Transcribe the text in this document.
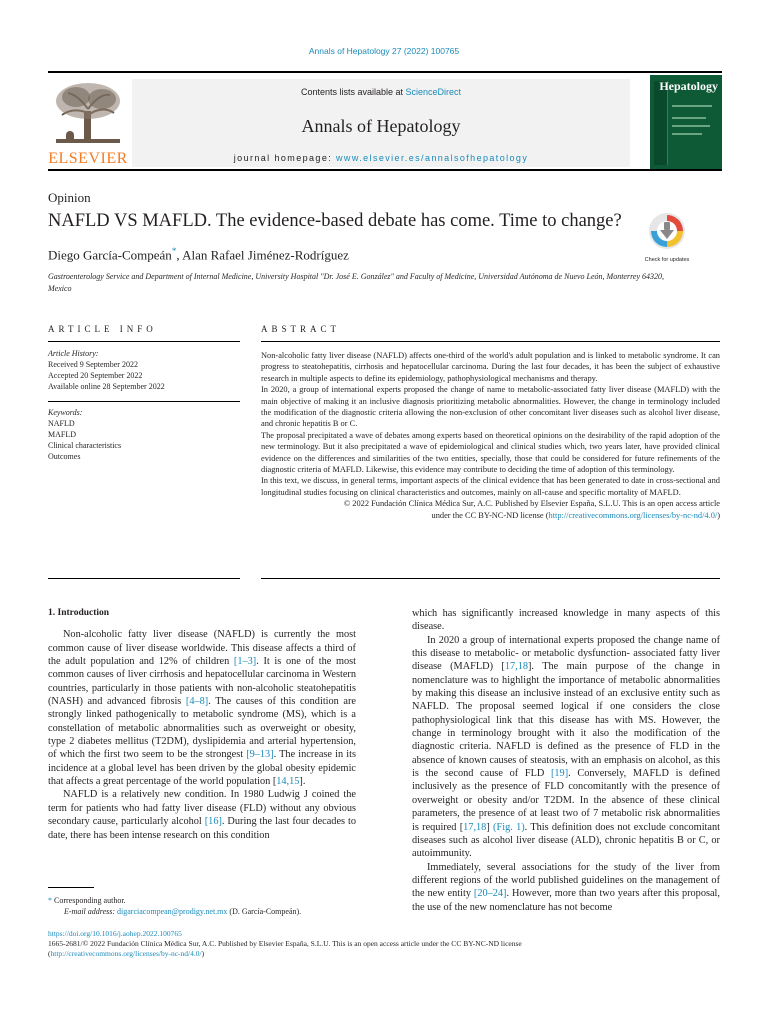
Annals of Hepatology 27 (2022) 100765
ELSEVIER
Contents lists available at ScienceDirect
Annals of Hepatology
journal homepage: www.elsevier.es/annalsofhepatology
Hepatology
Opinion
NAFLD VS MAFLD. The evidence-based debate has come. Time to change?
Check for updates
Diego García-Compeán*, Alan Rafael Jiménez-Rodríguez
Gastroenterology Service and Department of Internal Medicine, University Hospital "Dr. José E. González" and Faculty of Medicine, Universidad Autónoma de Nuevo León, Monterrey 64320, Mexico
ARTICLE INFO	ABSTRACT
Article History:
Received 9 September 2022
Accepted 20 September 2022
Available online 28 September 2022
Keywords:
NAFLD
MAFLD
Clinical characteristics
Outcomes

Non-alcoholic fatty liver disease (NAFLD) affects one-third of the world's adult population and is linked to metabolic syndrome. It can progress to steatohepatitis, cirrhosis and hepatocellular carcinoma. During the last four decades, it has been the subject of exhaustive research in multiple aspects to define its epidemiology, pathophysiological mechanisms and therapy.

In 2020, a group of international experts proposed the change of name to metabolic-associated fatty liver disease (MAFLD) with the main objective of making it an inclusive diagnosis prioritizing metabolic abnormalities. However, the change in terminology included the modification of the diagnostic criteria allowing the non-exclusion of other concomitant liver diseases such as alcohol liver disease, and chronic hepatitis B or C.

The proposal precipitated a wave of debates among experts based on theoretical opinions on the desirability of the rapid adoption of the new terminology. But it also precipitated a wave of epidemiological and clinical studies which, two years later, have provided clinical evidence on the differences and similarities of the two entities, specially, those that could be considered for future refinements of the diagnostic criteria of MAFLD. Likewise, this evidence may contribute to deciding the time of adoption of this terminology.

In this text, we discuss, in general terms, important aspects of the clinical evidence that has been generated to date in cross-sectional and longitudinal studies focusing on clinical characteristics and outcomes, mainly on all-cause and specific mortality of MAFLD.

© 2022 Fundación Clínica Médica Sur, A.C. Published by Elsevier España, S.L.U. This is an open access article

under the CC BY-NC-ND license (http://creativecommons.org/licenses/by-nc-nd/4.0/)

1. Introduction

Non-alcoholic fatty liver disease (NAFLD) is currently the most common cause of liver disease worldwide. This disease affects a third of the adult population and 12% of children [1–3]. It is one of the most common causes of liver cirrhosis and hepatocellular carcinoma in Western countries, particularly in those patients with non-alcoholic steatohepatitis (NASH) and advanced fibrosis [4–8]. The causes of this condition are strongly linked pathogenically to metabolic syndrome (MS), which is a constellation of metabolic abnormalities such as overweight or obesity, type 2 diabetes mellitus (T2DM), dyslipidemia and arterial hypertension, of which the first two seem to be the strongest [9–13]. The increase in its incidence at a global level has been driven by the global obesity epidemic that affects a great percentage of the world population [14,15].

NAFLD is a relatively new condition. In 1980 Ludwig J coined the term for patients who had fatty liver disease (FLD) without any obvious secondary cause, particularly alcohol [16]. During the last four decades to date, there has been intense research on this condition

which has significantly increased knowledge in many aspects of this disease.

In 2020 a group of international experts proposed the change name of this disease to metabolic- or metabolic dysfunction- associated fatty liver disease (MAFLD) [17,18]. The main purpose of the change in nomenclature was to highlight the importance of metabolic abnormalities by making this disease an inclusive instead of an exclusive entity such as NAFLD. The proposal seemed logical if one considers the close pathophysiological link that this disease has with MS. However, the change in terminology brought with it also the modification of the diagnostic criteria. NAFLD is defined as the presence of FLD in the absence of known causes of steatosis, with an emphasis on alcohol, as this is the second cause of FLD [19]. Conversely, MAFLD is defined inclusively as the presence of FLD concomitantly with the presence of overweight or obesity and/or T2DM. In the absence of these clinical parameters, the presence of at least two of 7 metabolic risk abnormalities is required [17,18] (Fig. 1). This definition does not exclude concomitant diseases such as alcohol liver disease (ALD), chronic hepatitis B or C, or autoimmunity.

Immediately, several associations for the study of the liver from different regions of the world published guidelines on the management of the new entity [20–24]. However, more than two years after this proposal, the use of the new nomenclature has not become

* Corresponding author.
E-mail address: digarciacompean@prodigy.net.mx (D. García-Compeán).
https://doi.org/10.1016/j.aohep.2022.100765
1665-2681/© 2022 Fundación Clínica Médica Sur, A.C. Published by Elsevier España, S.L.U. This is an open access article under the CC BY-NC-ND license
(http://creativecommons.org/licenses/by-nc-nd/4.0/)
